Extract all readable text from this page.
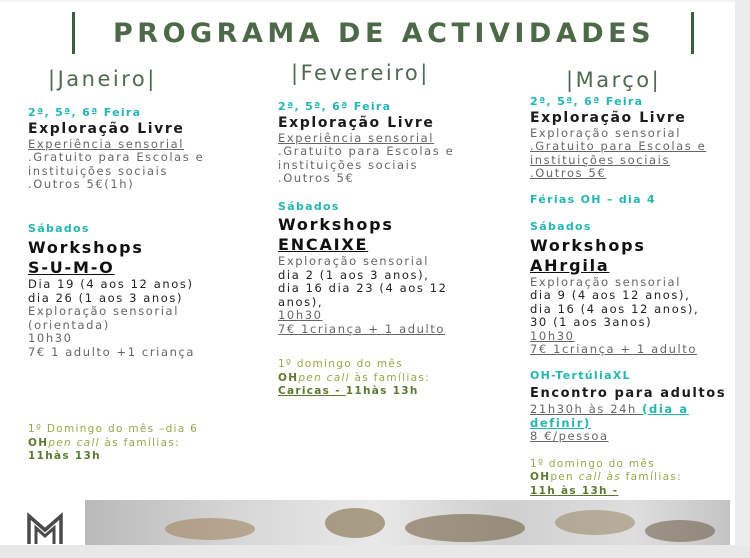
PROGRAMA DE ACTIVIDADES
|Janeiro|	|Fevereiro|	|Março|
2ª, 5ª, 6ª Feira
Exploração Livre
Experiência sensorial
.Gratuito para Escolas e
instituições sociais
.Outros 5€(1h)
Sábados
Workshops
S-U-M-O
Dia 19 (4 aos 12 anos)
dia 26 (1 aos 3 anos)
Exploração sensorial
(orientada)
10h30
7€ 1 adulto +1 criança
1º Domingo do mês –dia 6
OHpen call às famílias:
11hàs 13h
2ª, 5ª, 6ª Feira
Exploração Livre
Experiência sensorial
.Gratuito para Escolas e
instituições sociais
.Outros 5€
Sábados
Workshops
ENCAIXE
Exploração sensorial
dia 2 (1 aos 3 anos),
dia 16 dia 23 (4 aos 12
anos),
10h30
7€ 1criança + 1 adulto
1º domingo do mês
OHpen call às famílias:
Caricas - 11hàs 13h
2ª, 5ª, 6ª Feira
Exploração Livre
Exploração sensorial
.Gratuito para Escolas e
instituições sociais
.Outros 5€
Férias OH – dia 4
Sábados
Workshops
AHrgila
Exploração sensorial
dia 9 (4 aos 12 anos),
dia 16 (4 aos 12 anos),
30 (1 aos 3anos)
10h30
7€ 1criança + 1 adulto
OH-TertúliaXL
Encontro para adultos
21h30h às 24h (dia a definir)
8 €/pessoa
1º domingo do mês
OHpen call às famílias:
11h às 13h -
